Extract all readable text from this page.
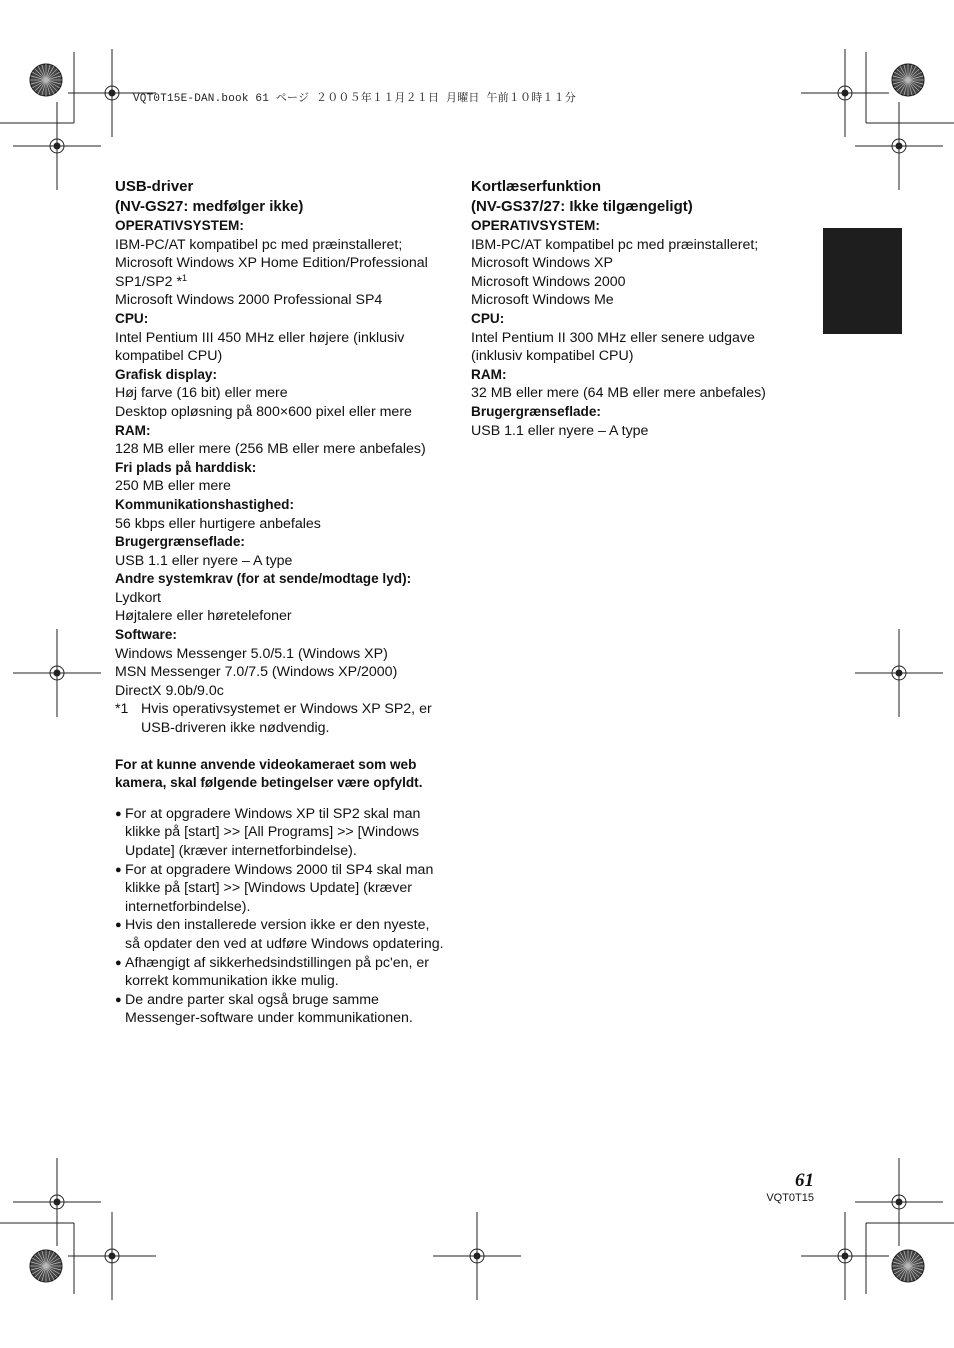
VQT0T15E-DAN.book 61 ページ ２００５年１１月２１日 月曜日 午前１０時１１分
USB-driver
(NV-GS27: medfølger ikke)
OPERATIVSYSTEM:
IBM-PC/AT kompatibel pc med præinstalleret;
Microsoft Windows XP Home Edition/Professional
SP1/SP2 *$^1$
Microsoft Windows 2000 Professional SP4
CPU:
Intel Pentium III 450 MHz eller højere (inklusiv
kompatibel CPU)
Grafisk display:
Høj farve (16 bit) eller mere
Desktop opløsning på 800×600 pixel eller mere
RAM:
128 MB eller mere (256 MB eller mere anbefales)
Fri plads på harddisk:
250 MB eller mere
Kommunikationshastighed:
56 kbps eller hurtigere anbefales
Brugergrænseflade:
USB 1.1 eller nyere – A type
Andre systemkrav (for at sende/modtage lyd):
Lydkort
Højtalere eller høretelefoner
Software:
Windows Messenger 5.0/5.1 (Windows XP)
MSN Messenger 7.0/7.5 (Windows XP/2000)
DirectX 9.0b/9.0c
*1 Hvis operativsystemet er Windows XP SP2, er
USB-driveren ikke nødvendig.
For at kunne anvende videokameraet som web
kamera, skal følgende betingelser være opfyldt.
● For at opgradere Windows XP til SP2 skal man
klikke på [start] >> [All Programs] >> [Windows
Update] (kræver internetforbindelse).
● For at opgradere Windows 2000 til SP4 skal man
klikke på [start] >> [Windows Update] (kræver
internetforbindelse).
● Hvis den installerede version ikke er den nyeste,
så opdater den ved at udføre Windows opdatering.
● Afhængigt af sikkerhedsindstillingen på pc'en, er
korrekt kommunikation ikke mulig.
● De andre parter skal også bruge samme
Messenger-software under kommunikationen.
Kortlæserfunktion
(NV-GS37/27: Ikke tilgængeligt)
OPERATIVSYSTEM:
IBM-PC/AT kompatibel pc med præinstalleret;
Microsoft Windows XP
Microsoft Windows 2000
Microsoft Windows Me
CPU:
Intel Pentium II 300 MHz eller senere udgave
(inklusiv kompatibel CPU)
RAM:
32 MB eller mere (64 MB eller mere anbefales)
Brugergrænseflade:
USB 1.1 eller nyere – A type
61
VQT0T15
